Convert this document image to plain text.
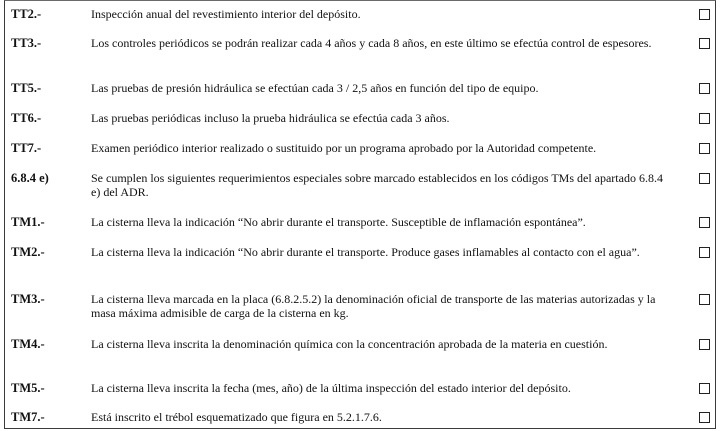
TT2.-	Inspección anual del revestimiento interior del depósito.
TT3.-	Los controles periódicos se podrán realizar cada 4 años y cada 8 años, en este último se efectúa control de espesores.
TT5.-	Las pruebas de presión hidráulica se efectúan cada 3 / 2,5 años en función del tipo de equipo.
TT6.-	Las pruebas periódicas incluso la prueba hidráulica se efectúa cada 3 años.
TT7.-	Examen periódico interior realizado o sustituido por un programa aprobado por la Autoridad competente.
6.8.4 e)	Se cumplen los siguientes requerimientos especiales sobre marcado establecidos en los códigos TMs del apartado 6.8.4 e) del ADR.
TM1.-	La cisterna lleva la indicación “No abrir durante el transporte. Susceptible de inflamación espontánea”.
TM2.-	La cisterna lleva la indicación “No abrir durante el transporte. Produce gases inflamables al contacto con el agua”.
TM3.-	La cisterna lleva marcada en la placa (6.8.2.5.2) la denominación oficial de transporte de las materias autorizadas y la masa máxima admisible de carga de la cisterna en kg.
TM4.-	La cisterna lleva inscrita la denominación química con la concentración aprobada de la materia en cuestión.
TM5.-	La cisterna lleva inscrita la fecha (mes, año) de la última inspección del estado interior del depósito.
TM7.-	Está inscrito el trébol esquematizado que figura en 5.2.1.7.6.
